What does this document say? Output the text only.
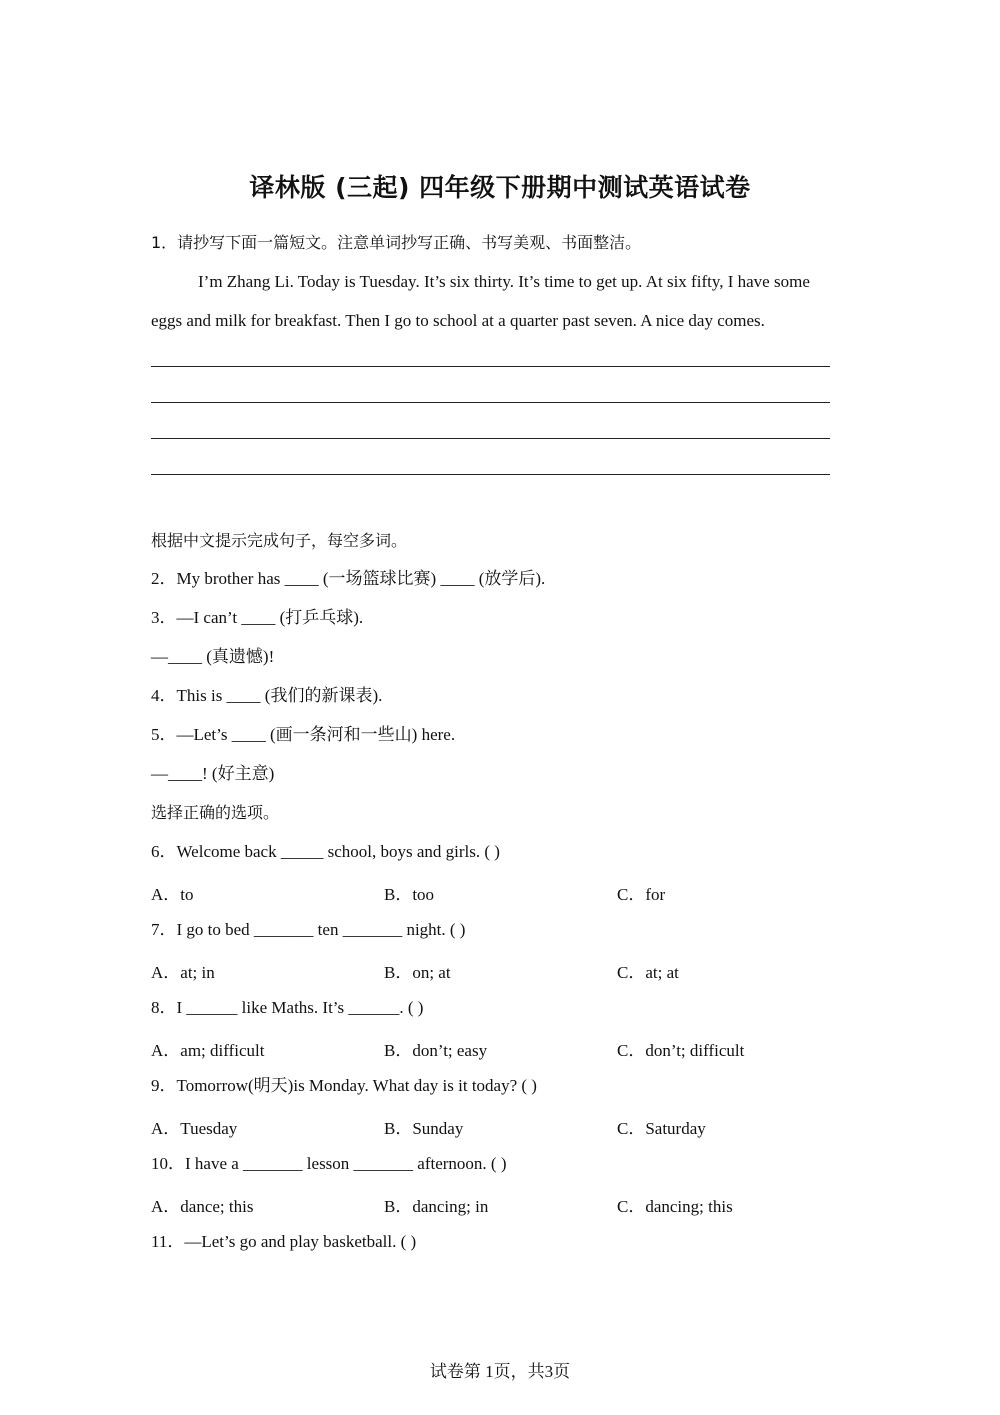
译林版 (三起) 四年级下册期中测试英语试卷
1．请抄写下面一篇短文。注意单词抄写正确、书写美观、书面整洁。
I’m Zhang Li. Today is Tuesday. It’s six thirty. It’s time to get up. At six fifty, I have some
eggs and milk for breakfast. Then I go to school at a quarter past seven. A nice day comes.
根据中文提示完成句子，每空多词。
2．My brother has ____ (一场篮球比赛) ____ (放学后).
3．—I can’t ____ (打乒乓球).
—____ (真遗憾)!
4．This is ____ (我们的新课表).
5．—Let’s ____ (画一条河和一些山) here.
—____! (好主意)
选择正确的选项。
6．Welcome back _____ school, boys and girls. ( )
A．to	B．too	C．for
7．I go to bed _______ ten _______ night. ( )
A．at; in	B．on; at	C．at; at
8．I ______ like Maths. It’s ______. ( )
A．am; difficult	B．don’t; easy	C．don’t; difficult
9．Tomorrow(明天)is Monday. What day is it today? ( )
A．Tuesday	B．Sunday	C．Saturday
10．I have a _______ lesson _______ afternoon. ( )
A．dance; this	B．dancing; in	C．dancing; this
11．—Let’s go and play basketball. ( )
试卷第 1页，共3页
